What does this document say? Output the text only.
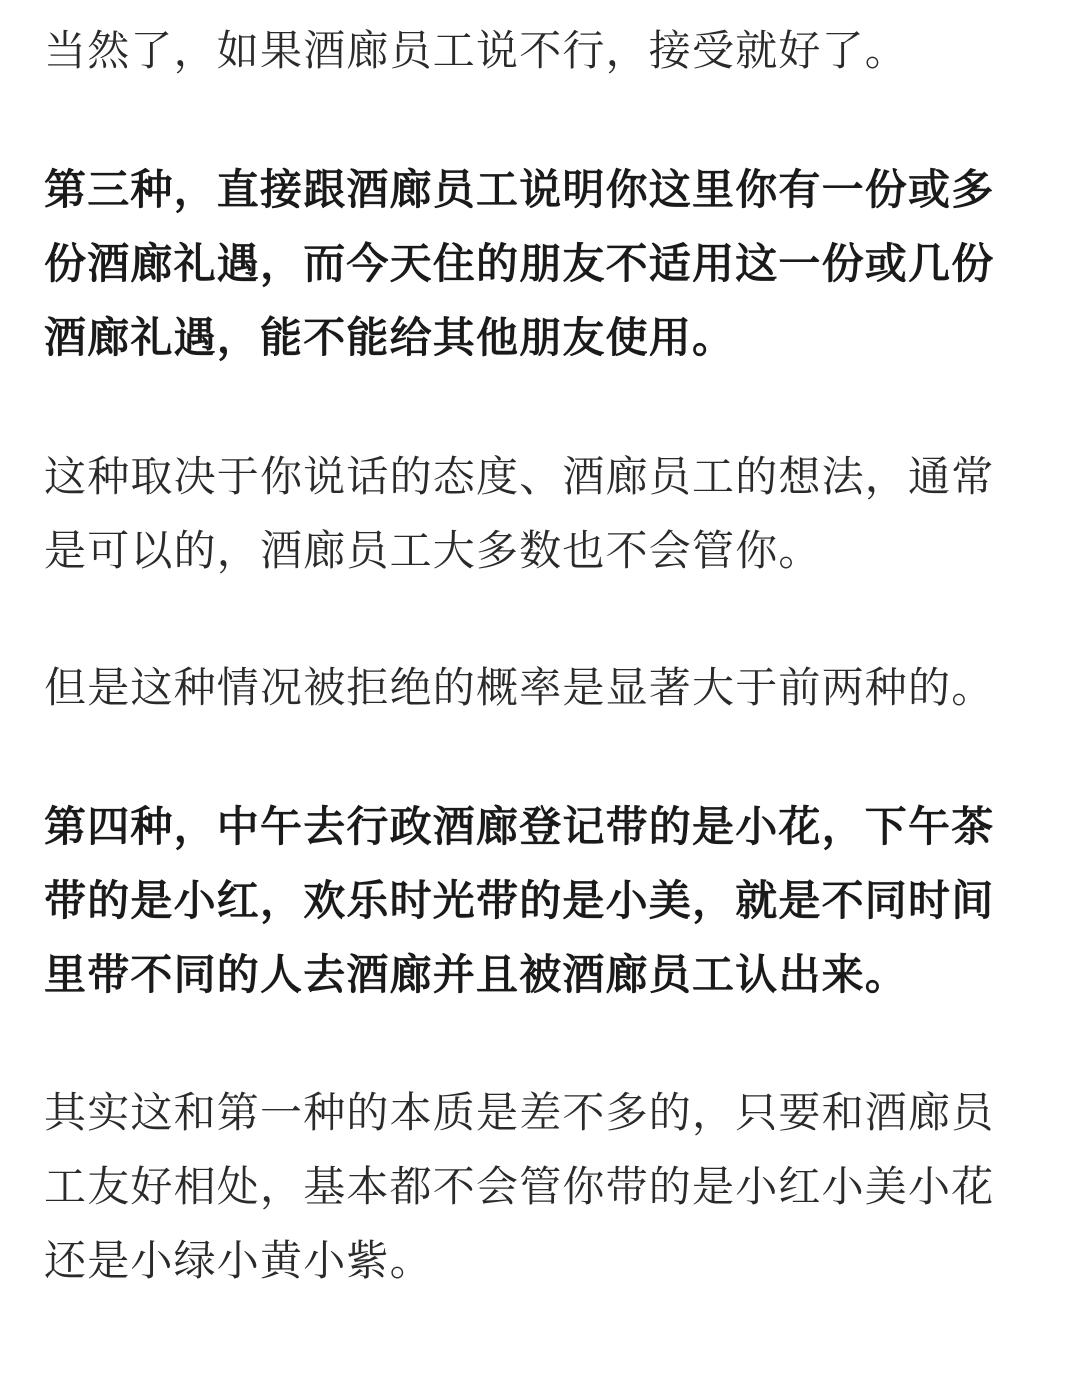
当然了，如果酒廊员工说不行，接受就好了。

第三种，直接跟酒廊员工说明你这里你有一份或多
份酒廊礼遇，而今天住的朋友不适用这一份或几份
酒廊礼遇，能不能给其他朋友使用。

这种取决于你说话的态度、酒廊员工的想法，通常
是可以的，酒廊员工大多数也不会管你。

但是这种情况被拒绝的概率是显著大于前两种的。

第四种，中午去行政酒廊登记带的是小花，下午茶
带的是小红，欢乐时光带的是小美，就是不同时间
里带不同的人去酒廊并且被酒廊员工认出来。

其实这和第一种的本质是差不多的，只要和酒廊员
工友好相处，基本都不会管你带的是小红小美小花
还是小绿小黄小紫。
